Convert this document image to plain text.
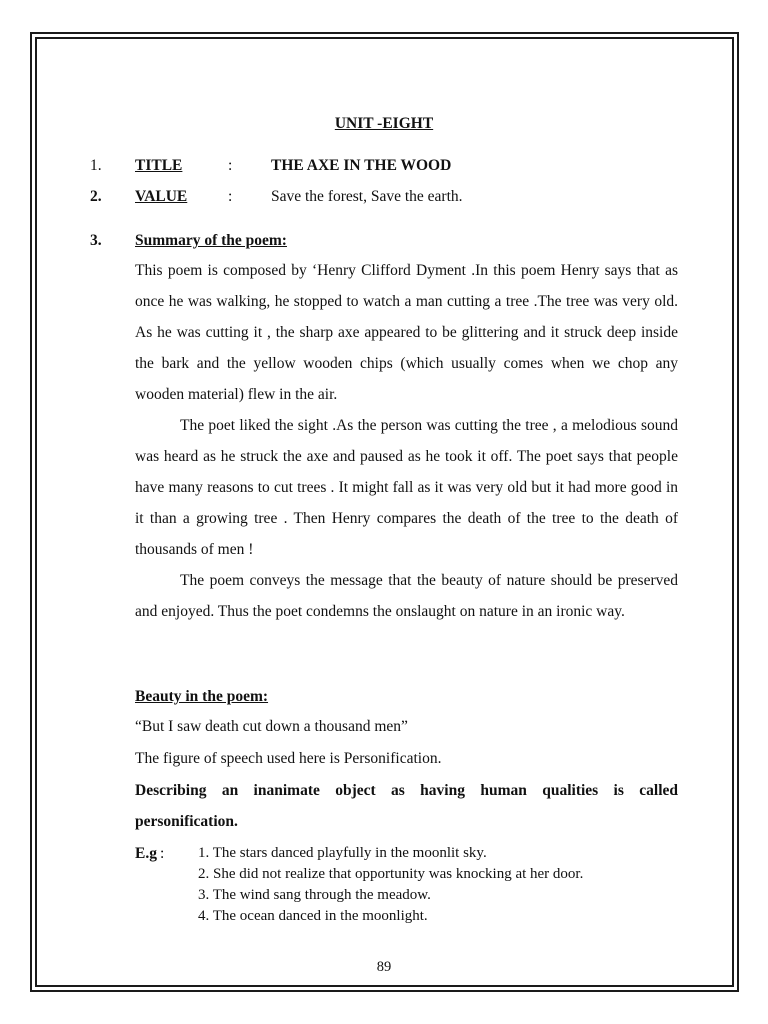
UNIT -EIGHT
1. TITLE	: THE AXE IN THE WOOD
2. VALUE	: Save the forest, Save the earth.
3. Summary of the poem:
This poem is composed by ‘Henry Clifford Dyment .In this poem Henry says that as once he was walking, he stopped to watch a man cutting a tree .The tree was very old. As he was cutting it , the sharp axe appeared to be glittering and it struck deep inside the bark and the yellow wooden chips (which usually comes when we chop any wooden material) flew in the air.
The poet liked the sight .As the person was cutting the tree , a melodious sound was heard as he struck the axe and paused as he took it off. The poet says that people have many reasons to cut trees . It might fall as it was very old but it had more good in it than a growing tree . Then Henry compares the death of the tree to the death of thousands of men !
The poem conveys the message that the beauty of nature should be preserved and enjoyed. Thus the poet condemns the onslaught on nature in an ironic way.
Beauty in the poem:
“But I saw death cut down a thousand men”
The figure of speech used here is Personification.
Describing an inanimate object as having human qualities is called personification.
E.g : 1. The stars danced playfully in the moonlit sky.
2. She did not realize that opportunity was knocking at her door.
3. The wind sang through the meadow.
4. The ocean danced in the moonlight.
89
